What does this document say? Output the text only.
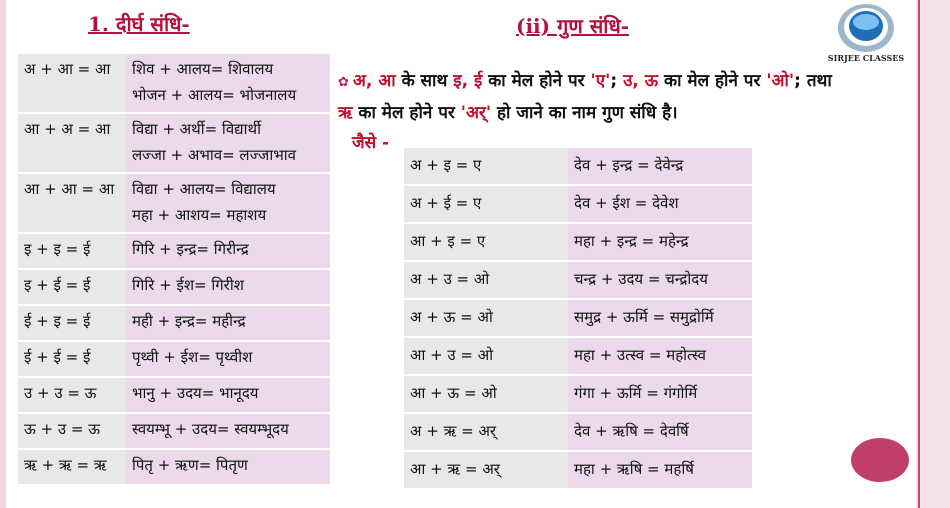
1. दीर्घ संधि-	(ii) गुण संधि-
SIRJEE CLASSES
अ + आ = आ	शिव + आलय= शिवालय
भोजन + आलय= भोजनालय

आ + अ = आ	विद्या + अर्थी= विद्यार्थी
लज्जा + अभाव= लज्जाभाव

आ + आ = आ	विद्या + आलय= विद्यालय
महा + आशय= महाशय

इ + इ = ई	गिरि + इन्द्र= गिरीन्द्र

इ + ई = ई	गिरि + ईश= गिरीश

ई + इ = ई	मही + इन्द्र= महीन्द्र

ई + ई = ई	पृथ्वी + ईश= पृथ्वीश

उ + उ = ऊ	भानु + उदय= भानूदय

ऊ + उ = ऊ	स्वयम्भू + उदय= स्वयम्भूदय

ऋ + ऋ = ऋ	पितृ + ऋण= पितृण
✿ अ, आ के साथ इ, ई का मेल होने पर 'ए'; उ, ऊ का मेल होने पर 'ओ'; तथा
ऋ का मेल होने पर 'अर्' हो जाने का नाम गुण संधि है।
जैसे -
अ + इ = ए	देव + इन्द्र = देवेन्द्र
अ + ई = ए	देव + ईश = देवेश
आ + इ = ए	महा + इन्द्र = महेन्द्र
अ + उ = ओ	चन्द्र + उदय = चन्द्रोदय
अ + ऊ = ओ	समुद्र + ऊर्मि = समुद्रोर्मि
आ + उ = ओ	महा + उत्स्व = महोत्स्व
आ + ऊ = ओ	गंगा + ऊर्मि = गंगोर्मि
अ + ऋ = अर्	देव + ऋषि = देवर्षि
आ + ऋ = अर्	महा + ऋषि = महर्षि
